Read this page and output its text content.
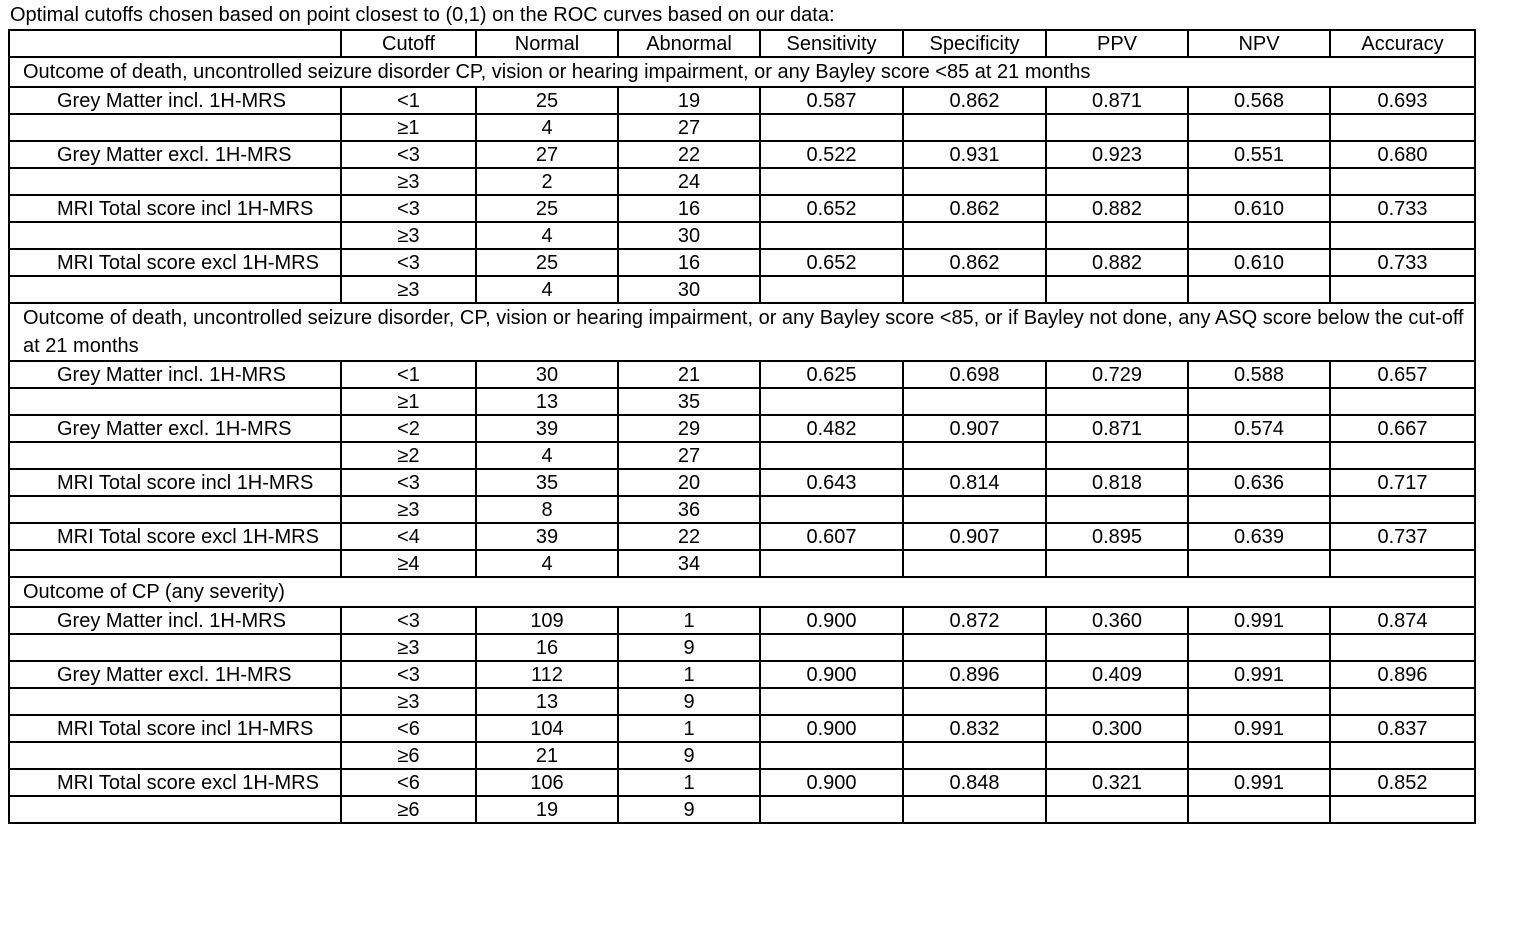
Optimal cutoffs chosen based on point closest to (0,1) on the ROC curves based on our data:
	Cutoff	Normal	Abnormal	Sensitivity	Specificity	PPV	NPV	Accuracy
Outcome of death, uncontrolled seizure disorder CP, vision or hearing impairment, or any Bayley score <85 at 21 months								
Grey Matter incl. 1H-MRS	<1	25	19	0.587	0.862	0.871	0.568	0.693
	≥1	4	27					
Grey Matter excl. 1H-MRS	<3	27	22	0.522	0.931	0.923	0.551	0.680
	≥3	2	24					
MRI Total score incl 1H-MRS	<3	25	16	0.652	0.862	0.882	0.610	0.733
	≥3	4	30					
MRI Total score excl 1H-MRS	<3	25	16	0.652	0.862	0.882	0.610	0.733
	≥3	4	30					
Outcome of death, uncontrolled seizure disorder, CP, vision or hearing impairment, or any Bayley score <85, or if Bayley not done, any ASQ score below the cut-off at 21 months								
Grey Matter incl. 1H-MRS	<1	30	21	0.625	0.698	0.729	0.588	0.657
	≥1	13	35					
Grey Matter excl. 1H-MRS	<2	39	29	0.482	0.907	0.871	0.574	0.667
	≥2	4	27					
MRI Total score incl 1H-MRS	<3	35	20	0.643	0.814	0.818	0.636	0.717
	≥3	8	36					
MRI Total score excl 1H-MRS	<4	39	22	0.607	0.907	0.895	0.639	0.737
	≥4	4	34					
Outcome of CP (any severity)								
Grey Matter incl. 1H-MRS	<3	109	1	0.900	0.872	0.360	0.991	0.874
	≥3	16	9					
Grey Matter excl. 1H-MRS	<3	112	1	0.900	0.896	0.409	0.991	0.896
	≥3	13	9					
MRI Total score incl 1H-MRS	<6	104	1	0.900	0.832	0.300	0.991	0.837
	≥6	21	9					
MRI Total score excl 1H-MRS	<6	106	1	0.900	0.848	0.321	0.991	0.852
	≥6	19	9					
